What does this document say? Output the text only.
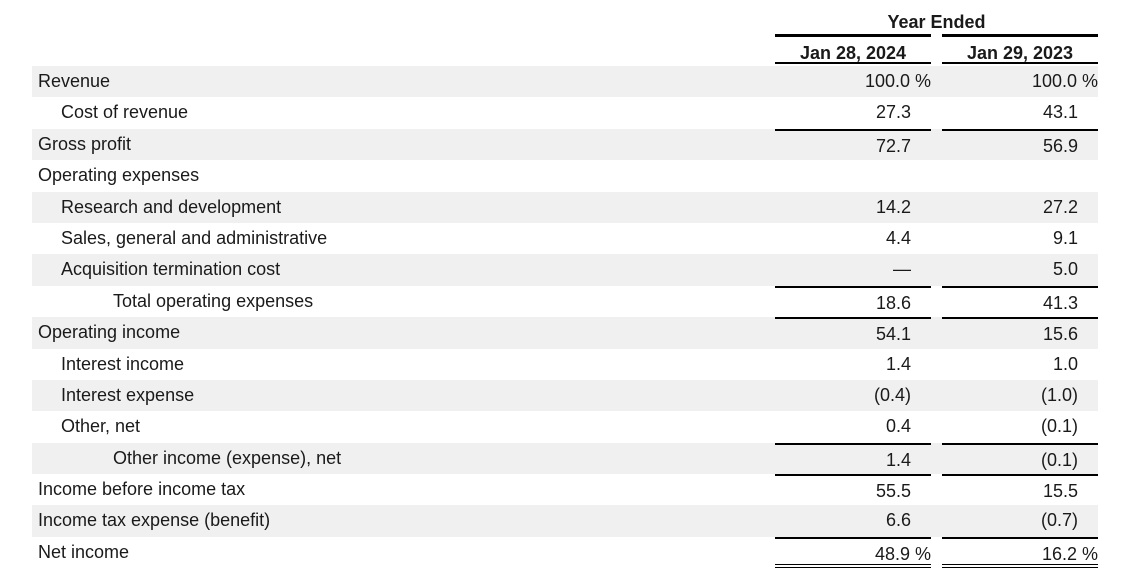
Year Ended
Jan 28, 2024	Jan 29, 2023
Revenue	100.0 %	100.0 %
Cost of revenue	27.3	43.1
Gross profit	72.7	56.9
Operating expenses
Research and development	14.2	27.2
Sales, general and administrative	4.4	9.1
Acquisition termination cost	—	5.0
Total operating expenses	18.6	41.3
Operating income	54.1	15.6
Interest income	1.4	1.0
Interest expense	(0.4)	(1.0)
Other, net	0.4	(0.1)
Other income (expense), net	1.4	(0.1)
Income before income tax	55.5	15.5
Income tax expense (benefit)	6.6	(0.7)
Net income	48.9 %	16.2 %
